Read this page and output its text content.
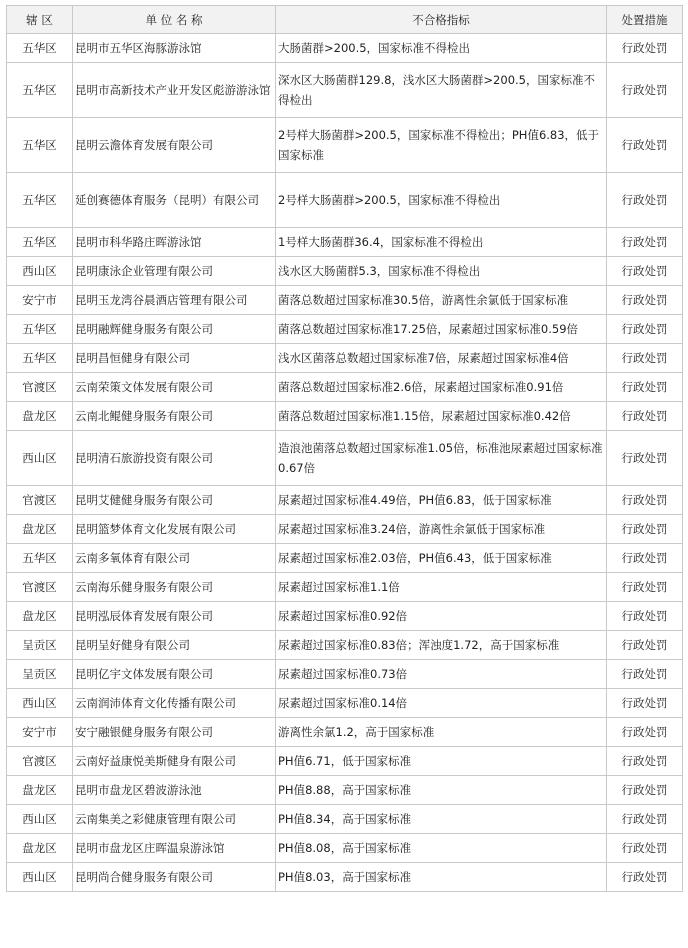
辖 区	单 位 名 称	不合格指标	处置措施
五华区	昆明市五华区海豚游泳馆	大肠菌群>200.5，国家标准不得检出	行政处罚
五华区	昆明市高新技术产业开发区彪游游泳馆	深水区大肠菌群129.8，浅水区大肠菌群>200.5，国家标准不得检出	行政处罚
五华区	昆明云澹体育发展有限公司	2号样大肠菌群>200.5，国家标准不得检出；PH值6.83，低于国家标准	行政处罚
五华区	延创赛德体育服务（昆明）有限公司	2号样大肠菌群>200.5，国家标准不得检出	行政处罚
五华区	昆明市科华路庄晖游泳馆	1号样大肠菌群36.4，国家标准不得检出	行政处罚
西山区	昆明康泳企业管理有限公司	浅水区大肠菌群5.3，国家标准不得检出	行政处罚
安宁市	昆明玉龙湾谷晨酒店管理有限公司	菌落总数超过国家标准30.5倍，游离性余氯低于国家标准	行政处罚
五华区	昆明融辉健身服务有限公司	菌落总数超过国家标准17.25倍，尿素超过国家标准0.59倍	行政处罚
五华区	昆明昌恒健身有限公司	浅水区菌落总数超过国家标准7倍，尿素超过国家标准4倍	行政处罚
官渡区	云南荣策文体发展有限公司	菌落总数超过国家标准2.6倍，尿素超过国家标准0.91倍	行政处罚
盘龙区	云南北鲲健身服务有限公司	菌落总数超过国家标准1.15倍，尿素超过国家标准0.42倍	行政处罚
西山区	昆明清石旅游投资有限公司	造浪池菌落总数超过国家标准1.05倍，标准池尿素超过国家标准0.67倍	行政处罚
官渡区	昆明艾健健身服务有限公司	尿素超过国家标准4.49倍，PH值6.83，低于国家标准	行政处罚
盘龙区	昆明篮梦体育文化发展有限公司	尿素超过国家标准3.24倍，游离性余氯低于国家标准	行政处罚
五华区	云南多氧体育有限公司	尿素超过国家标准2.03倍，PH值6.43，低于国家标准	行政处罚
官渡区	云南海乐健身服务有限公司	尿素超过国家标准1.1倍	行政处罚
盘龙区	昆明泓辰体育发展有限公司	尿素超过国家标准0.92倍	行政处罚
呈贡区	昆明呈好健身有限公司	尿素超过国家标准0.83倍；浑浊度1.72，高于国家标准	行政处罚
呈贡区	昆明亿宇文体发展有限公司	尿素超过国家标准0.73倍	行政处罚
西山区	云南润沛体育文化传播有限公司	尿素超过国家标准0.14倍	行政处罚
安宁市	安宁融银健身服务有限公司	游离性余氯1.2，高于国家标准	行政处罚
官渡区	云南好益康悦美斯健身有限公司	PH值6.71，低于国家标准	行政处罚
盘龙区	昆明市盘龙区碧波游泳池	PH值8.88，高于国家标准	行政处罚
西山区	云南集美之彩健康管理有限公司	PH值8.34，高于国家标准	行政处罚
盘龙区	昆明市盘龙区庄晖温泉游泳馆	PH值8.08，高于国家标准	行政处罚
西山区	昆明尚合健身服务有限公司	PH值8.03，高于国家标准	行政处罚
